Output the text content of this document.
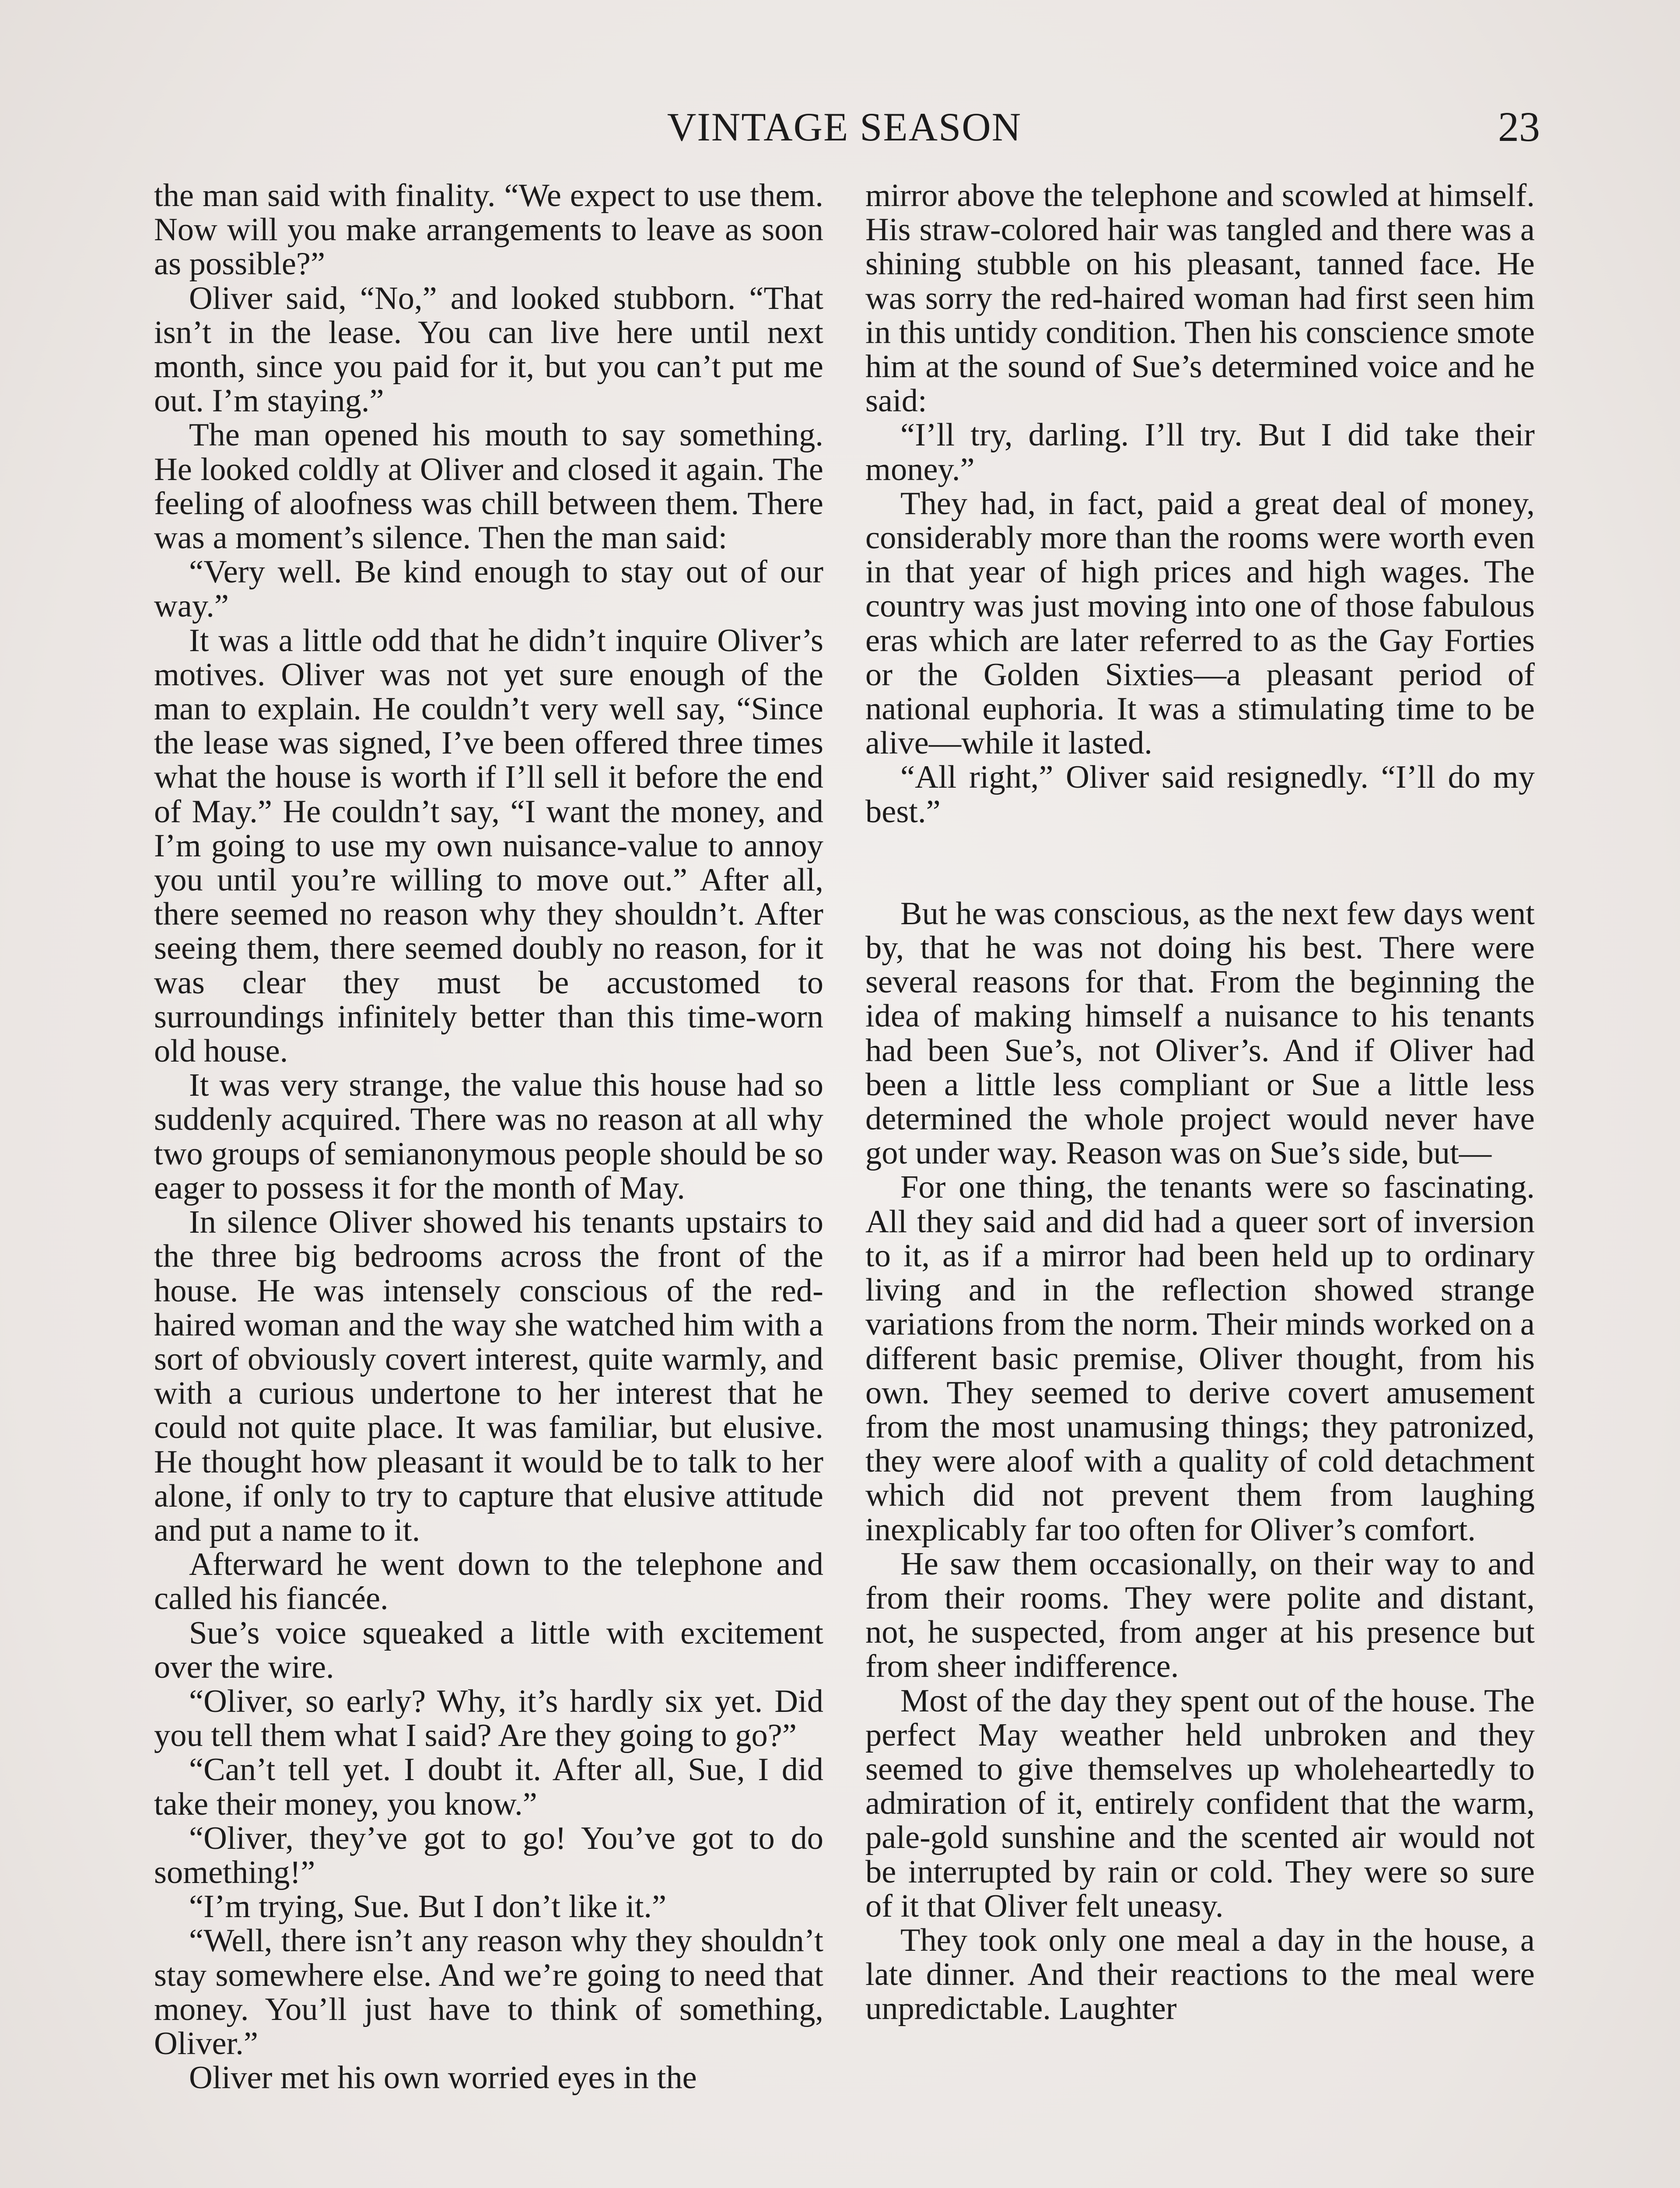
VINTAGE SEASON	23

the man said with finality. “We expect to use them. Now will you make arrangements to leave as soon as possible?”

Oliver said, “No,” and looked stubborn. “That isn’t in the lease. You can live here until next month, since you paid for it, but you can’t put me out. I’m staying.”

The man opened his mouth to say something. He looked coldly at Oliver and closed it again. The feeling of aloofness was chill between them. There was a moment’s silence. Then the man said:

“Very well. Be kind enough to stay out of our way.”

It was a little odd that he didn’t inquire Oliver’s motives. Oliver was not yet sure enough of the man to explain. He couldn’t very well say, “Since the lease was signed, I’ve been offered three times what the house is worth if I’ll sell it before the end of May.” He couldn’t say, “I want the money, and I’m going to use my own nuisance-value to annoy you until you’re willing to move out.” After all, there seemed no reason why they shouldn’t. After seeing them, there seemed doubly no reason, for it was clear they must be accustomed to surroundings infinitely better than this time-worn old house.

It was very strange, the value this house had so suddenly acquired. There was no reason at all why two groups of semianonymous people should be so eager to possess it for the month of May.

In silence Oliver showed his tenants upstairs to the three big bedrooms across the front of the house. He was intensely conscious of the red-haired woman and the way she watched him with a sort of obviously covert interest, quite warmly, and with a curious undertone to her interest that he could not quite place. It was familiar, but elusive. He thought how pleasant it would be to talk to her alone, if only to try to capture that elusive attitude and put a name to it.

Afterward he went down to the telephone and called his fiancée.

Sue’s voice squeaked a little with excitement over the wire.

“Oliver, so early? Why, it’s hardly six yet. Did you tell them what I said? Are they going to go?”

“Can’t tell yet. I doubt it. After all, Sue, I did take their money, you know.”

“Oliver, they’ve got to go! You’ve got to do something!”

“I’m trying, Sue. But I don’t like it.”

“Well, there isn’t any reason why they shouldn’t stay somewhere else. And we’re going to need that money. You’ll just have to think of something, Oliver.”

Oliver met his own worried eyes in the

mirror above the telephone and scowled at himself. His straw-colored hair was tangled and there was a shining stubble on his pleasant, tanned face. He was sorry the red-haired woman had first seen him in this untidy condition. Then his conscience smote him at the sound of Sue’s determined voice and he said:

“I’ll try, darling. I’ll try. But I did take their money.”

They had, in fact, paid a great deal of money, considerably more than the rooms were worth even in that year of high prices and high wages. The country was just moving into one of those fabulous eras which are later referred to as the Gay Forties or the Golden Sixties—a pleasant period of national euphoria. It was a stimulating time to be alive—while it lasted.

“All right,” Oliver said resignedly. “I’ll do my best.”

But he was conscious, as the next few days went by, that he was not doing his best. There were several reasons for that. From the beginning the idea of making himself a nuisance to his tenants had been Sue’s, not Oliver’s. And if Oliver had been a little less compliant or Sue a little less determined the whole project would never have got under way. Reason was on Sue’s side, but—

For one thing, the tenants were so fascinating. All they said and did had a queer sort of inversion to it, as if a mirror had been held up to ordinary living and in the reflection showed strange variations from the norm. Their minds worked on a different basic premise, Oliver thought, from his own. They seemed to derive covert amusement from the most unamusing things; they patronized, they were aloof with a quality of cold detachment which did not prevent them from laughing inexplicably far too often for Oliver’s comfort.

He saw them occasionally, on their way to and from their rooms. They were polite and distant, not, he suspected, from anger at his presence but from sheer indifference.

Most of the day they spent out of the house. The perfect May weather held unbroken and they seemed to give themselves up wholeheartedly to admiration of it, entirely confident that the warm, pale-gold sunshine and the scented air would not be interrupted by rain or cold. They were so sure of it that Oliver felt uneasy.

They took only one meal a day in the house, a late dinner. And their reactions to the meal were unpredictable. Laughter
